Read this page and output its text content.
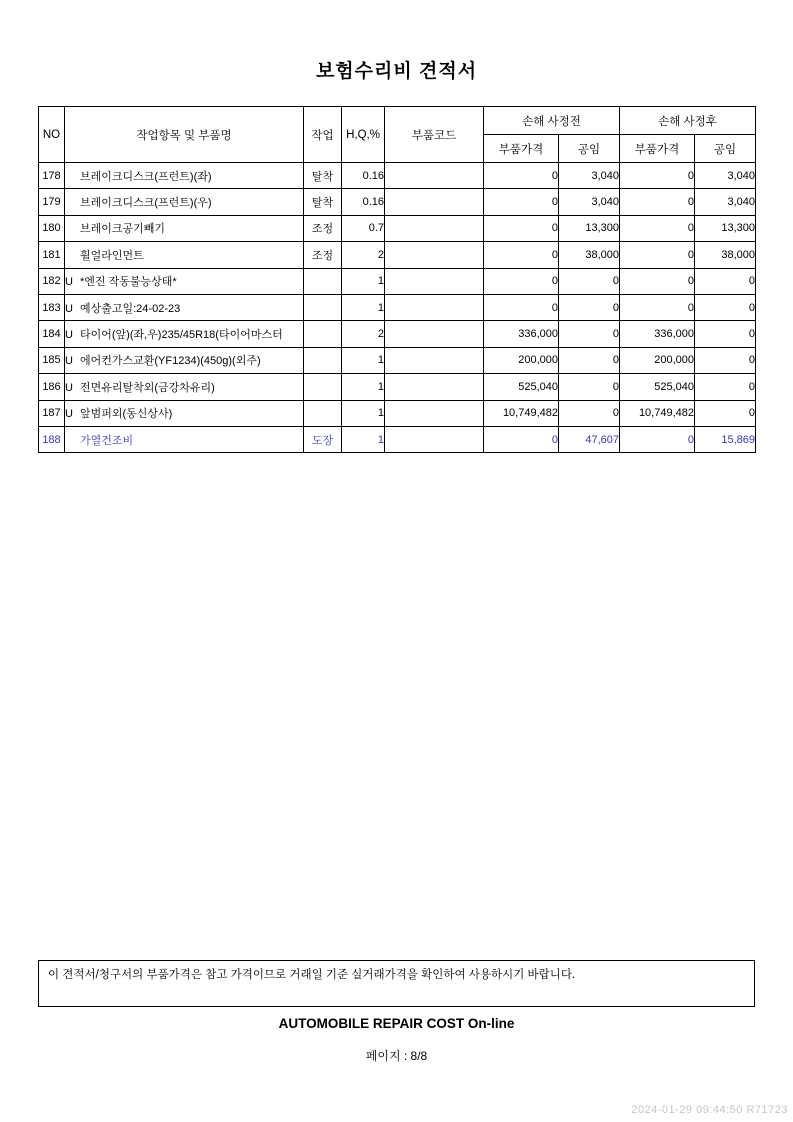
보험수리비 견적서
NO	작업항목 및 부품명	작업	H,Q,%	부품코드	손해 사정전		손해 사정후	
					부품가격	공임	부품가격	공임
178	브레이크디스크(프런트)(좌)	탈착	0.16		0	3,040	0	3,040
179	브레이크디스크(프런트)(우)	탈착	0.16		0	3,040	0	3,040
180	브레이크공기빼기	조정	0.7		0	13,300	0	13,300
181	휠얼라인먼트	조정	2		0	38,000	0	38,000
182	U *엔진 작동불능상태*		1		0	0	0	0
183	U 예상출고일:24-02-23		1		0	0	0	0
184	U 타이어(앞)(좌,우)235/45R18(타이어마스터		2		336,000	0	336,000	0
185	U 에어컨가스교환(YF1234)(450g)(외주)		1		200,000	0	200,000	0
186	U 전면유리탈착외(금강차유리)		1		525,040	0	525,040	0
187	U 앞범퍼외(동신상사)		1		10,749,482	0	10,749,482	0
188	가열건조비	도장	1		0	47,607	0	15,869
이 견적서/청구서의 부품가격은 참고 가격이므로 거래일 기준 실거래가격을 확인하여 사용하시기 바랍니다.
AUTOMOBILE REPAIR COST On-line
페이지 : 8/8
2024-01-29 09:44:50 R71723
